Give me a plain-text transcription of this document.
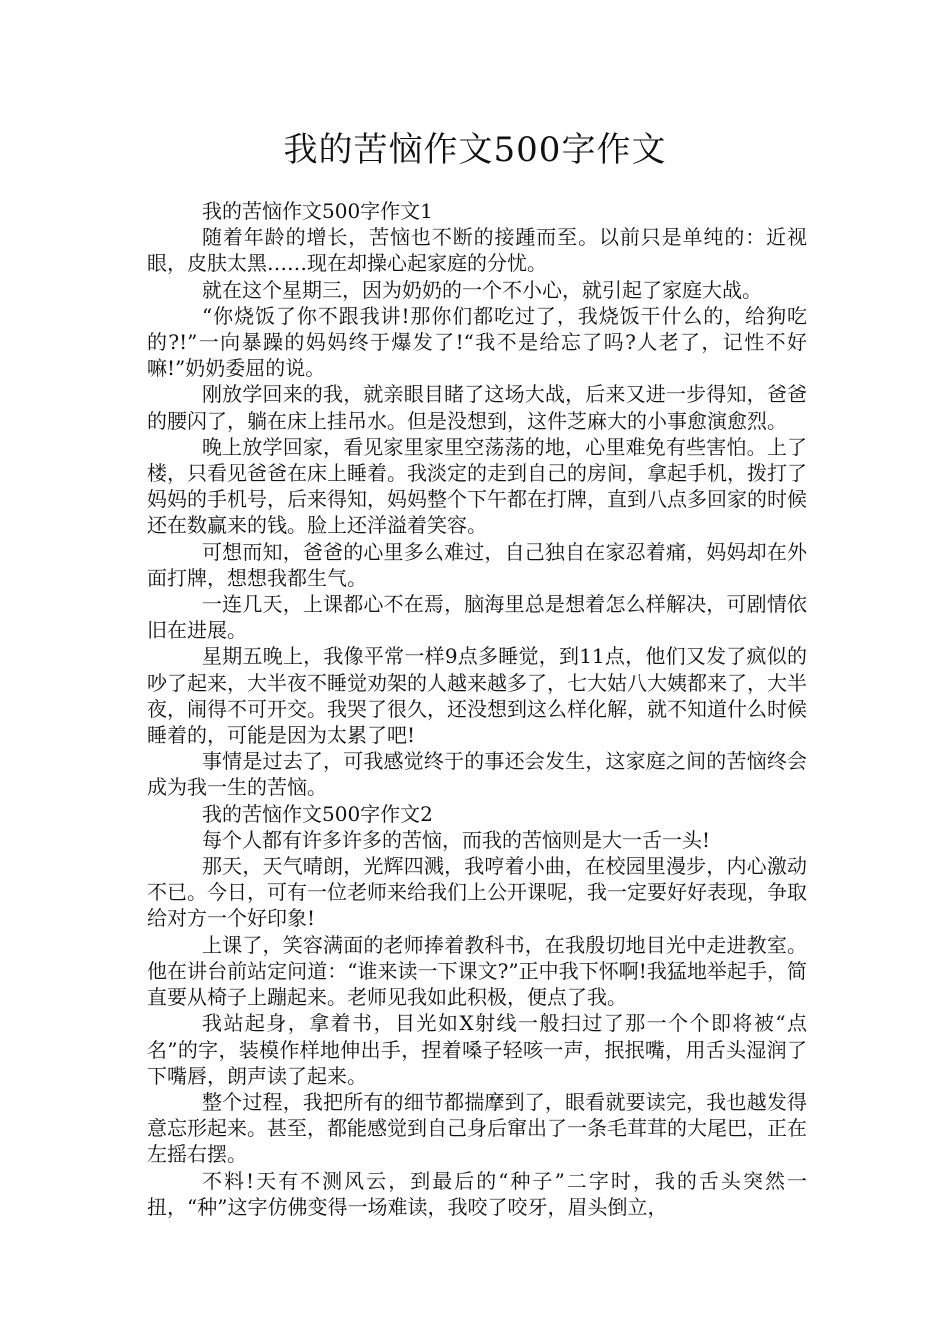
我的苦恼作文500字作文

我的苦恼作文500字作文1

随着年龄的增长，苦恼也不断的接踵而至。以前只是单纯的：近视眼，皮肤太黑……现在却操心起家庭的分忧。

就在这个星期三，因为奶奶的一个不小心，就引起了家庭大战。

“你烧饭了你不跟我讲!那你们都吃过了，我烧饭干什么的，给狗吃的?!”一向暴躁的妈妈终于爆发了!“我不是给忘了吗?人老了，记性不好嘛!”奶奶委屈的说。

刚放学回来的我，就亲眼目睹了这场大战，后来又进一步得知，爸爸的腰闪了，躺在床上挂吊水。但是没想到，这件芝麻大的小事愈演愈烈。

晚上放学回家，看见家里家里空荡荡的地，心里难免有些害怕。上了楼，只看见爸爸在床上睡着。我淡定的走到自己的房间，拿起手机，拨打了妈妈的手机号，后来得知，妈妈整个下午都在打牌，直到八点多回家的时候还在数赢来的钱。脸上还洋溢着笑容。

可想而知，爸爸的心里多么难过，自己独自在家忍着痛，妈妈却在外面打牌，想想我都生气。

一连几天，上课都心不在焉，脑海里总是想着怎么样解决，可剧情依旧在进展。

星期五晚上，我像平常一样9点多睡觉，到11点，他们又发了疯似的吵了起来，大半夜不睡觉劝架的人越来越多了，七大姑八大姨都来了，大半夜，闹得不可开交。我哭了很久，还没想到这么样化解，就不知道什么时候睡着的，可能是因为太累了吧!

事情是过去了，可我感觉终于的事还会发生，这家庭之间的苦恼终会成为我一生的苦恼。

我的苦恼作文500字作文2

每个人都有许多许多的苦恼，而我的苦恼则是大一舌一头!

那天，天气晴朗，光辉四溅，我哼着小曲，在校园里漫步，内心激动不已。今日，可有一位老师来给我们上公开课呢，我一定要好好表现，争取给对方一个好印象!

上课了，笑容满面的老师捧着教科书，在我殷切地目光中走进教室。他在讲台前站定问道：“谁来读一下课文?”正中我下怀啊!我猛地举起手，简直要从椅子上蹦起来。老师见我如此积极，便点了我。

我站起身，拿着书，目光如X射线一般扫过了那一个个即将被“点名”的字，装模作样地伸出手，捏着嗓子轻咳一声，抿抿嘴，用舌头湿润了下嘴唇，朗声读了起来。

整个过程，我把所有的细节都揣摩到了，眼看就要读完，我也越发得意忘形起来。甚至，都能感觉到自己身后窜出了一条毛茸茸的大尾巴，正在左摇右摆。

不料!天有不测风云，到最后的“种子”二字时，我的舌头突然一扭，“种”这字仿佛变得一场难读，我咬了咬牙，眉头倒立，
